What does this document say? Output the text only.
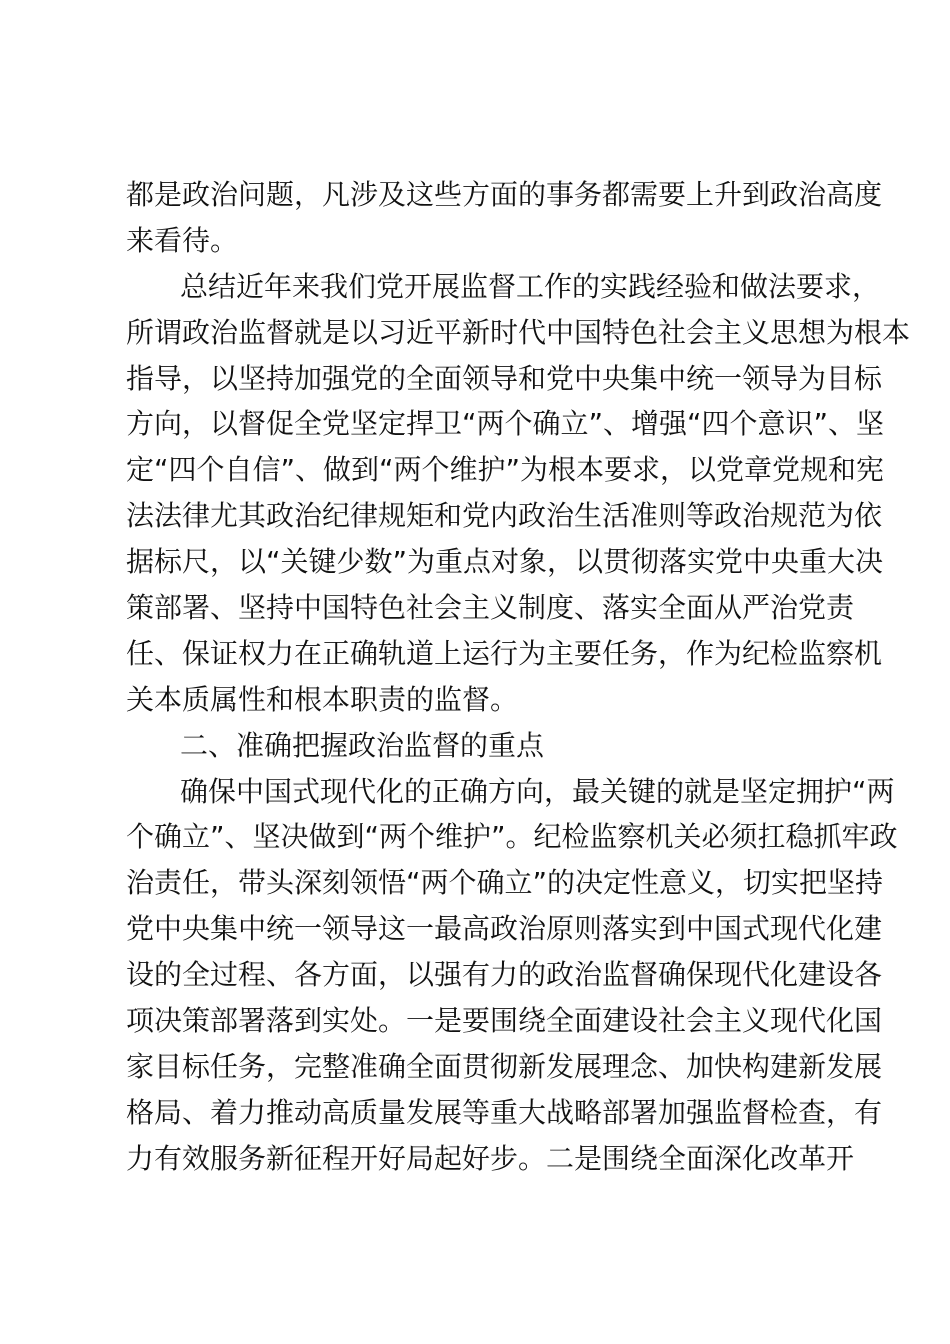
都是政治问题，凡涉及这些方面的事务都需要上升到政治高度
来看待。
总结近年来我们党开展监督工作的实践经验和做法要求，
所谓政治监督就是以习近平新时代中国特色社会主义思想为根本
指导，以坚持加强党的全面领导和党中央集中统一领导为目标
方向，以督促全党坚定捍卫“两个确立”、增强“四个意识”、坚
定“四个自信”、做到“两个维护”为根本要求，以党章党规和宪
法法律尤其政治纪律规矩和党内政治生活准则等政治规范为依
据标尺，以“关键少数”为重点对象，以贯彻落实党中央重大决
策部署、坚持中国特色社会主义制度、落实全面从严治党责
任、保证权力在正确轨道上运行为主要任务，作为纪检监察机
关本质属性和根本职责的监督。
二、准确把握政治监督的重点
确保中国式现代化的正确方向，最关键的就是坚定拥护“两
个确立”、坚决做到“两个维护”。纪检监察机关必须扛稳抓牢政
治责任，带头深刻领悟“两个确立”的决定性意义，切实把坚持
党中央集中统一领导这一最高政治原则落实到中国式现代化建
设的全过程、各方面，以强有力的政治监督确保现代化建设各
项决策部署落到实处。一是要围绕全面建设社会主义现代化国
家目标任务，完整准确全面贯彻新发展理念、加快构建新发展
格局、着力推动高质量发展等重大战略部署加强监督检查，有
力有效服务新征程开好局起好步。二是围绕全面深化改革开
